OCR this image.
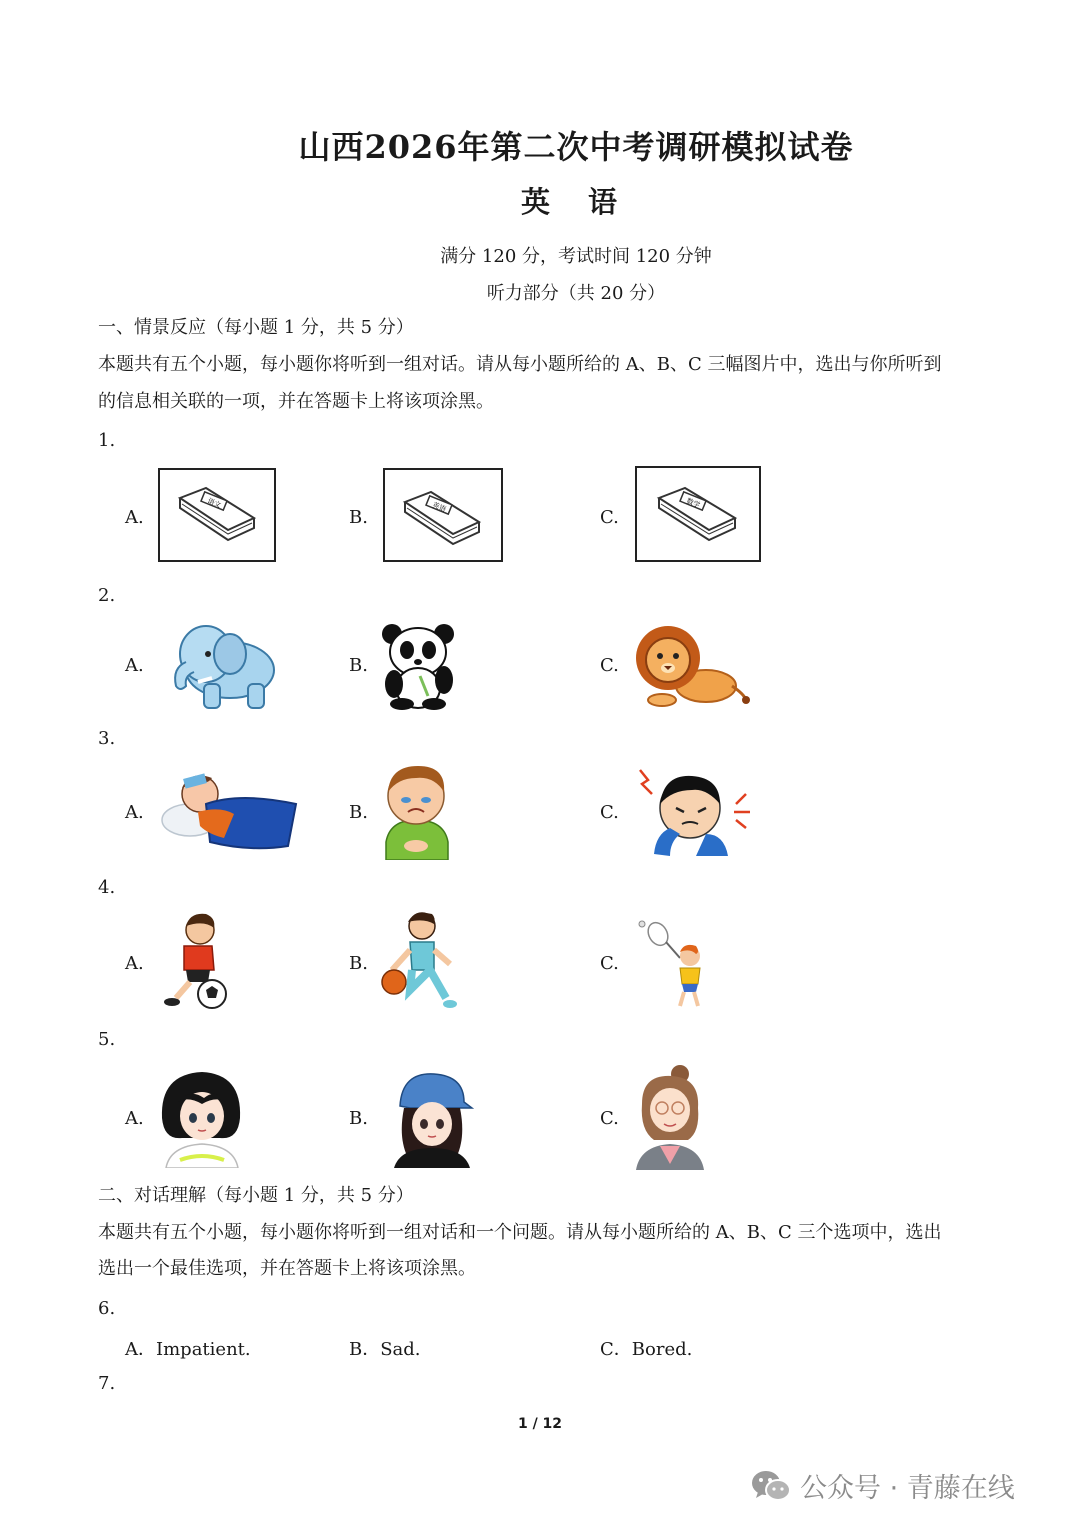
山西2026年第二次中考调研模拟试卷
英 语
满分 120 分，考试时间 120 分钟
听力部分（共 20 分）
一、情景反应（每小题 1 分，共 5 分）
本题共有五个小题，每小题你将听到一组对话。请从每小题所给的 A、B、C 三幅图片中，选出与你所听到
的信息相关联的一项，并在答题卡上将该项涂黑。
1.
A.	B.	C.
语文	英语	数学
2.
A.	B.	C.
3.
A.	B.	C.
4.
A.	B.	C.
5.
A.	B.	C.
二、对话理解（每小题 1 分，共 5 分）
本题共有五个小题，每小题你将听到一组对话和一个问题。请从每小题所给的 A、B、C 三个选项中，选出
选出一个最佳选项，并在答题卡上将该项涂黑。
6.
A．Impatient.	B．Sad.	C．Bored.
7.
1 / 12
公众号 · 青藤在线
